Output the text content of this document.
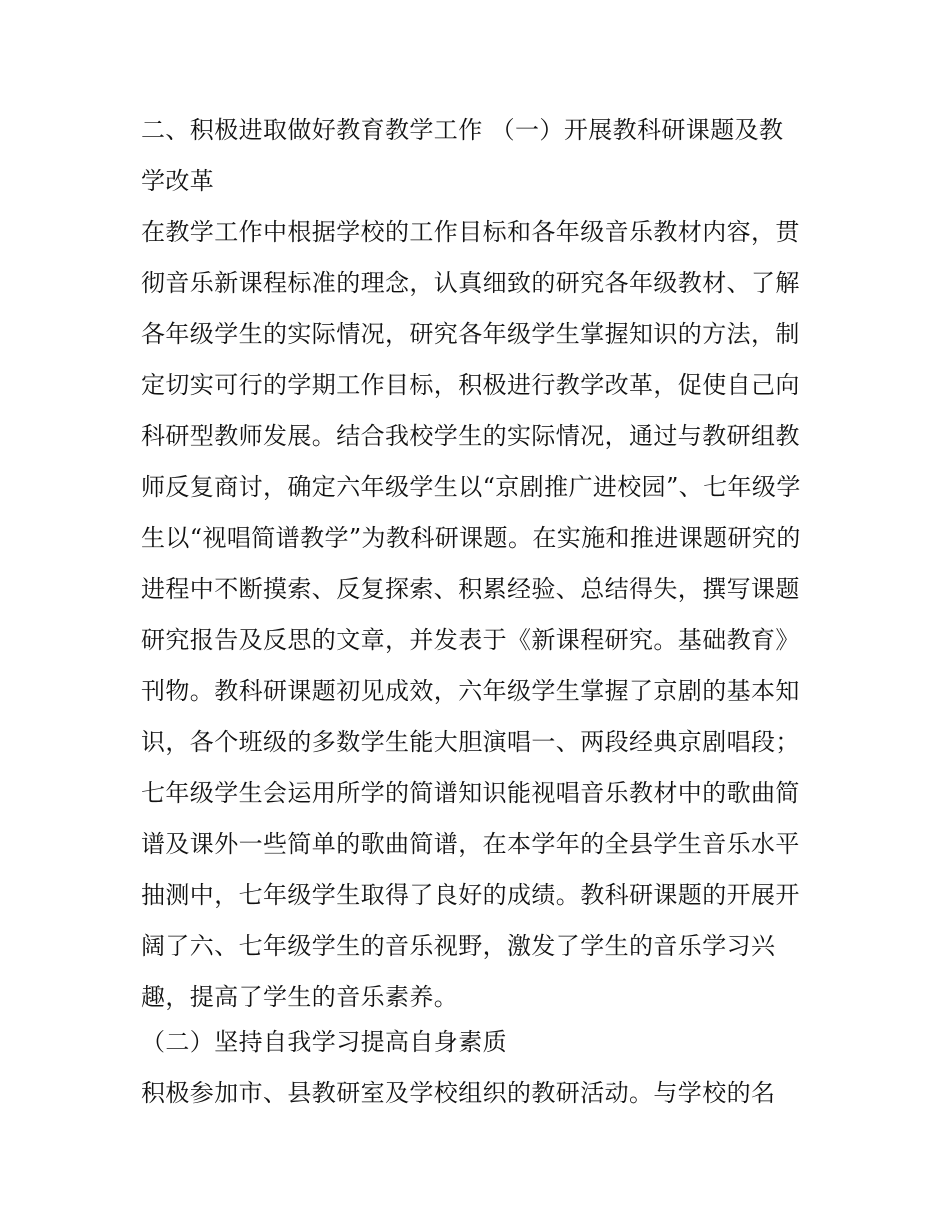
二、积极进取做好教育教学工作 （一）开展教科研课题及教
学改革
在教学工作中根据学校的工作目标和各年级音乐教材内容，贯
彻音乐新课程标准的理念，认真细致的研究各年级教材、了解
各年级学生的实际情况，研究各年级学生掌握知识的方法，制
定切实可行的学期工作目标，积极进行教学改革，促使自己向
科研型教师发展。结合我校学生的实际情况，通过与教研组教
师反复商讨，确定六年级学生以“京剧推广进校园”、七年级学
生以“视唱简谱教学”为教科研课题。在实施和推进课题研究的
进程中不断摸索、反复探索、积累经验、总结得失，撰写课题
研究报告及反思的文章，并发表于《新课程研究。基础教育》
刊物。教科研课题初见成效，六年级学生掌握了京剧的基本知
识，各个班级的多数学生能大胆演唱一、两段经典京剧唱段；
七年级学生会运用所学的简谱知识能视唱音乐教材中的歌曲简
谱及课外一些简单的歌曲简谱，在本学年的全县学生音乐水平
抽测中，七年级学生取得了良好的成绩。教科研课题的开展开
阔了六、七年级学生的音乐视野，激发了学生的音乐学习兴
趣，提高了学生的音乐素养。
（二）坚持自我学习提高自身素质
积极参加市、县教研室及学校组织的教研活动。与学校的名
